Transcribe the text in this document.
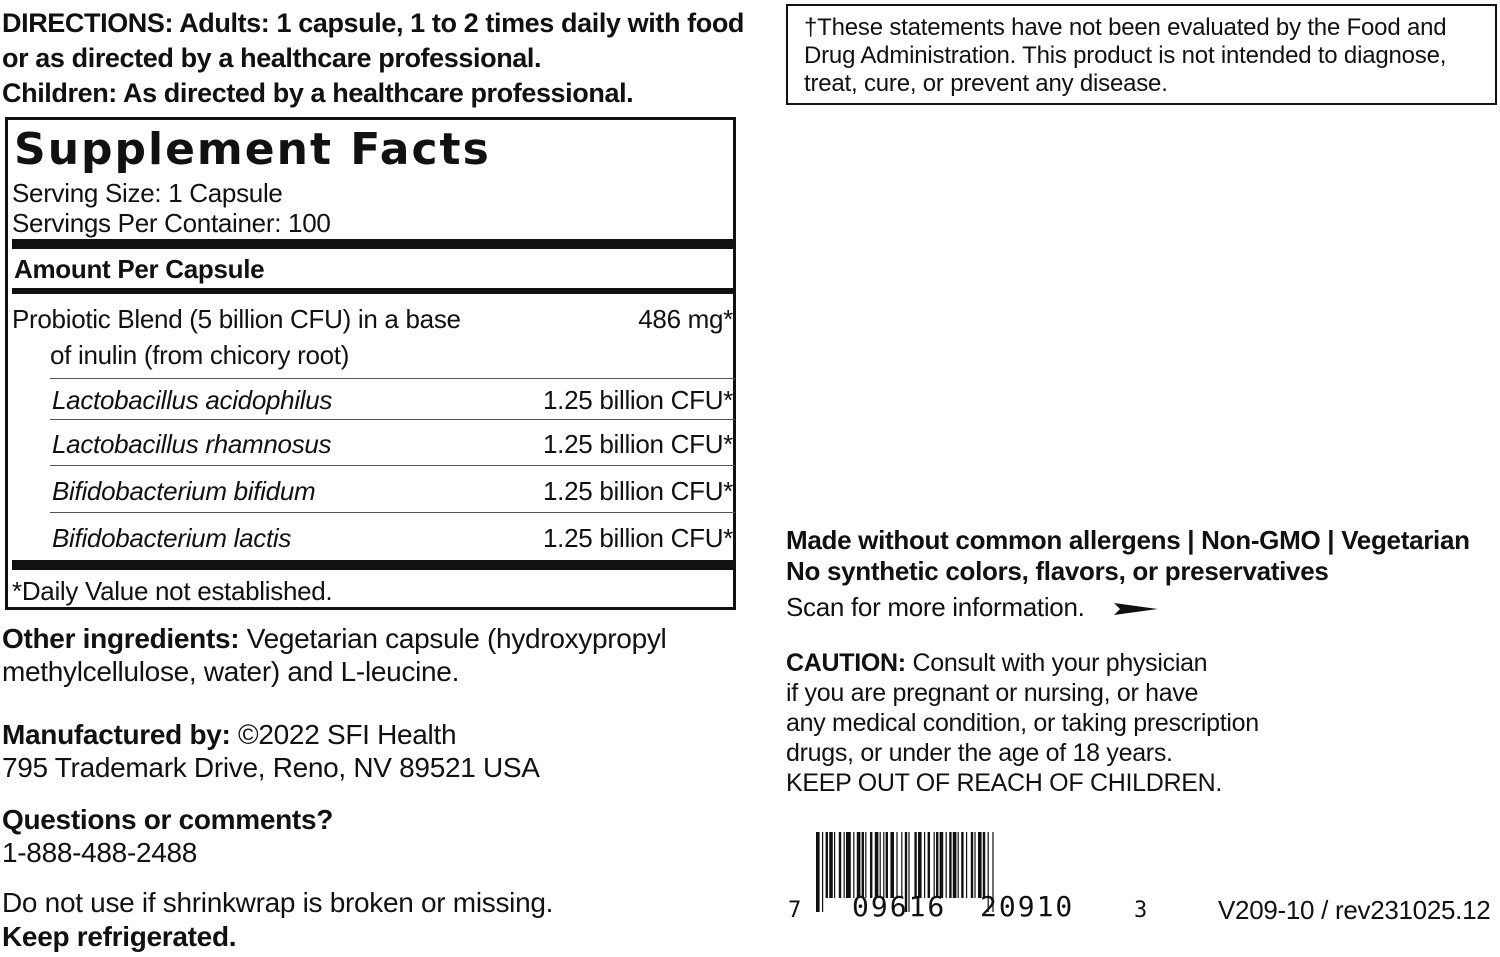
DIRECTIONS: Adults: 1 capsule, 1 to 2 times daily with food
or as directed by a healthcare professional.
Children: As directed by a healthcare professional.
Supplement Facts
Serving Size: 1 Capsule
Servings Per Container: 100
Amount Per Capsule
Probiotic Blend (5 billion CFU) in a base
of inulin (from chicory root)
486 mg*
Lactobacillus acidophilus	1.25 billion CFU*
Lactobacillus rhamnosus	1.25 billion CFU*
Bifidobacterium bifidum	1.25 billion CFU*
Bifidobacterium lactis	1.25 billion CFU*
*Daily Value not established.
Other ingredients: Vegetarian capsule (hydroxypropyl
methylcellulose, water) and L-leucine.
Manufactured by: ©2022 SFI Health
795 Trademark Drive, Reno, NV 89521 USA
Questions or comments?
1-888-488-2488
Do not use if shrinkwrap is broken or missing.
Keep refrigerated.
†These statements have not been evaluated by the Food and Drug Administration. This product is not intended to diagnose, treat, cure, or prevent any disease.
Made without common allergens | Non-GMO | Vegetarian
No synthetic colors, flavors, or preservatives
Scan for more information.
CAUTION: Consult with your physician
if you are pregnant or nursing, or have
any medical condition, or taking prescription
drugs, or under the age of 18 years.
KEEP OUT OF REACH OF CHILDREN.
7 09616 20910	3	V209-10 / rev231025.12
